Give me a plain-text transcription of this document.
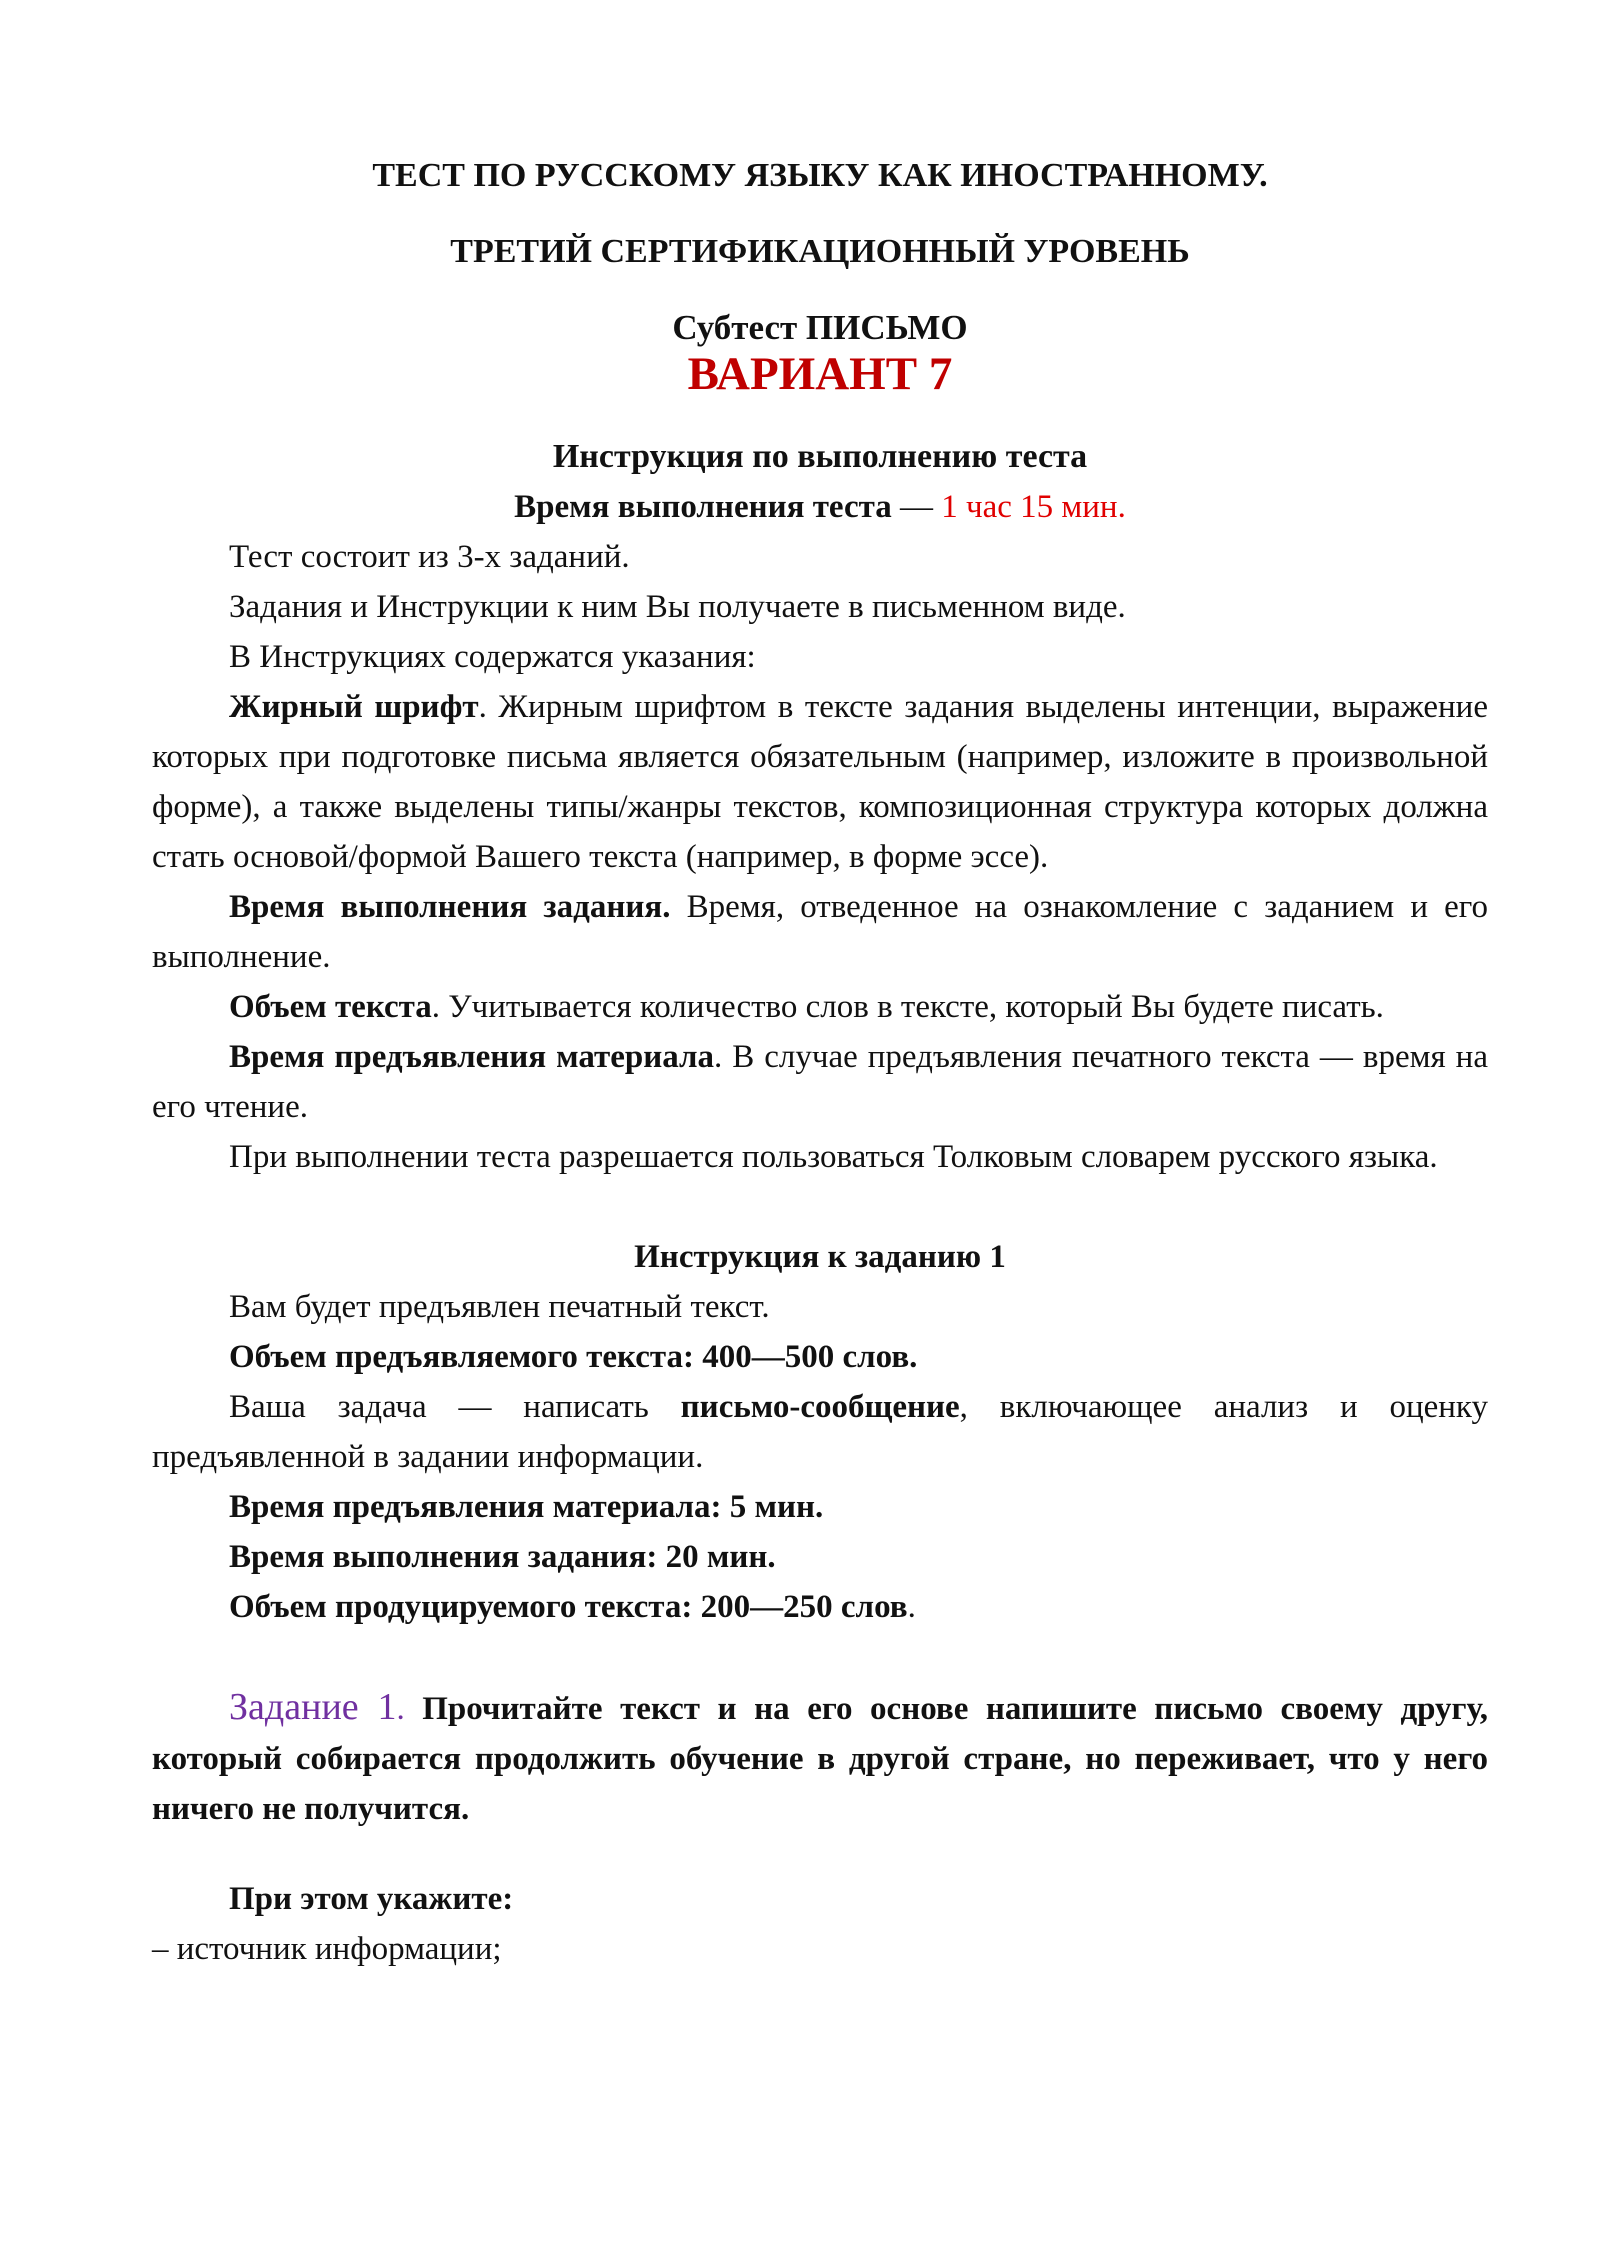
ТЕСТ ПО РУССКОМУ ЯЗЫКУ КАК ИНОСТРАННОМУ.

ТРЕТИЙ СЕРТИФИКАЦИОННЫЙ УРОВЕНЬ

Субтест ПИСЬМО
ВАРИАНТ 7
Инструкция по выполнению теста
Время выполнения теста — 1 час 15 мин.

Тест состоит из 3-х заданий.

Задания и Инструкции к ним Вы получаете в письменном виде.

В Инструкциях содержатся указания:

Жирный шрифт. Жирным шрифтом в тексте задания выделены интенции, выражение которых при подготовке письма является обязательным (например, изложите в произвольной форме), а также выделены типы/жанры текстов, композиционная структура которых должна стать основой/формой Вашего текста (например, в форме эссе).

Время выполнения задания. Время, отведенное на ознакомление с заданием и его выполнение.

Объем текста. Учитывается количество слов в тексте, который Вы будете писать.

Время предъявления материала. В случае предъявления печатного текста — время на его чтение.

При выполнении теста разрешается пользоваться Толковым словарем русского языка.

Инструкция к заданию 1

Вам будет предъявлен печатный текст.

Объем предъявляемого текста: 400—500 слов.

Ваша задача — написать письмо-сообщение, включающее анализ и оценку предъявленной в задании информации.

Время предъявления материала: 5 мин.

Время выполнения задания: 20 мин.

Объем продуцируемого текста: 200—250 слов.

Задание 1. Прочитайте текст и на его основе напишите письмо своему другу, который собирается продолжить обучение в другой стране, но переживает, что у него ничего не получится.

При этом укажите:

– источник информации;
